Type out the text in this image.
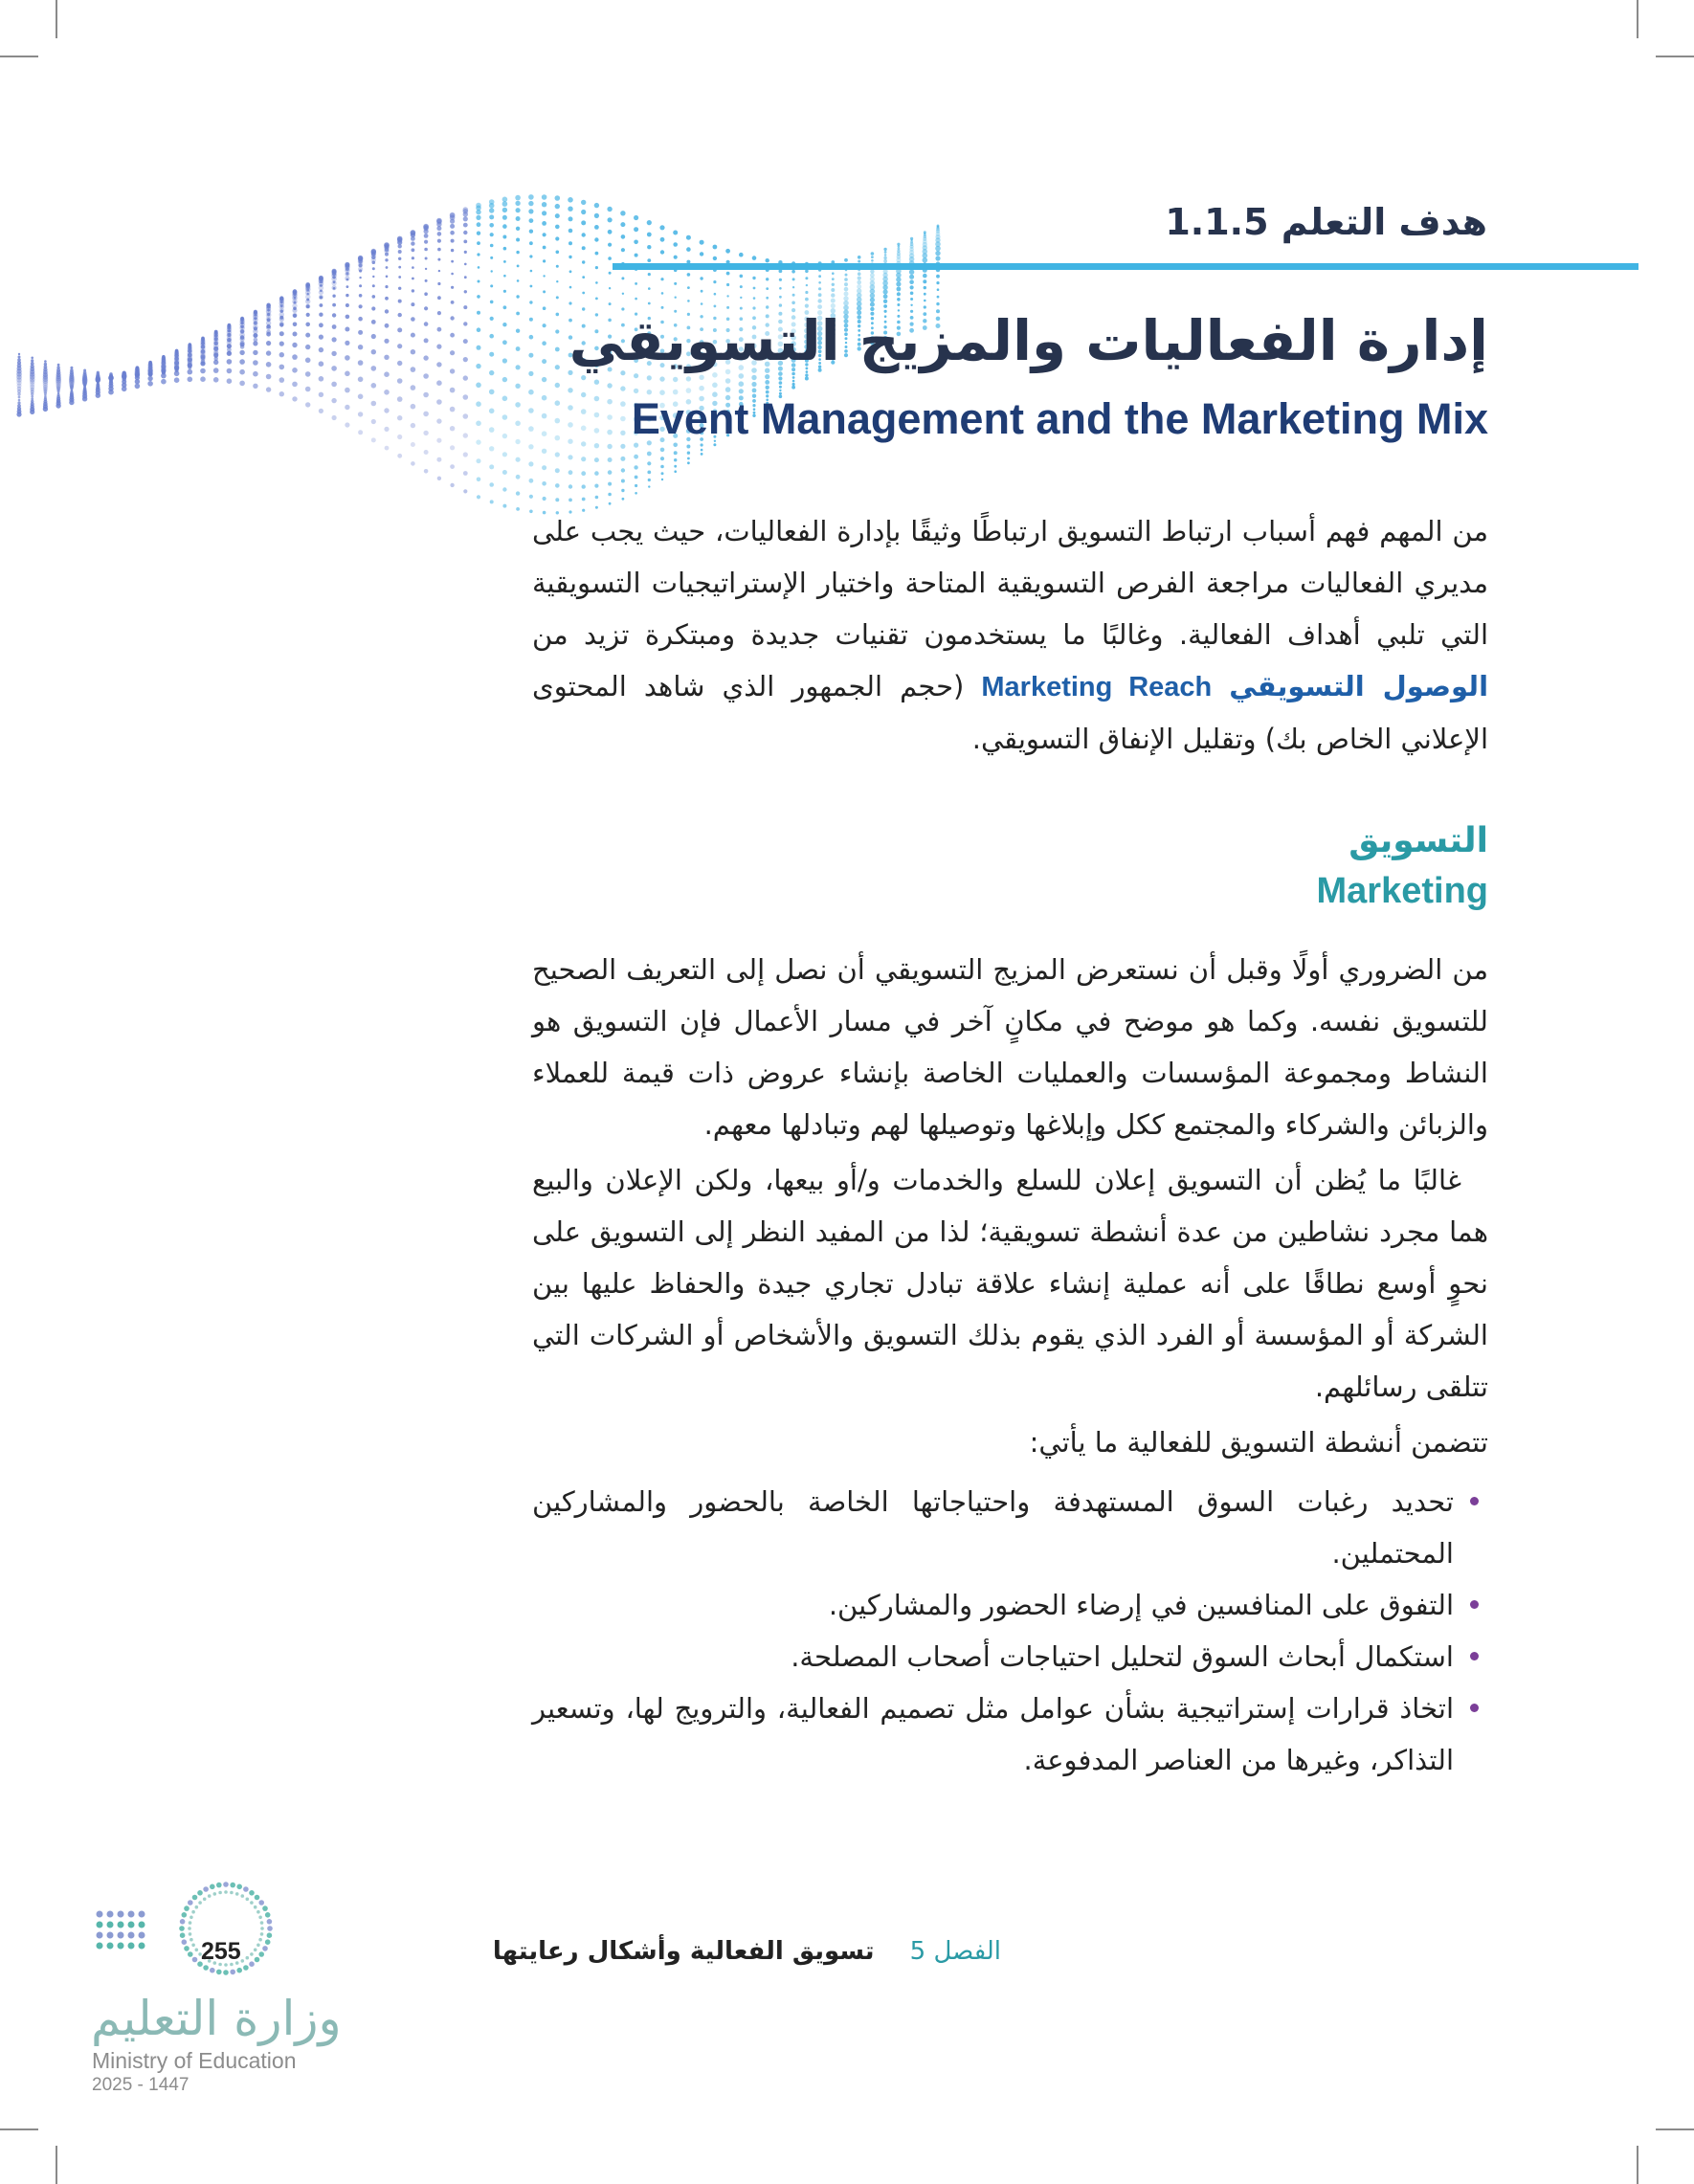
هدف التعلم 1.1.5
إدارة الفعاليات والمزيج التسويقي
Event Management and the Marketing Mix

من المهم فهم أسباب ارتباط التسويق ارتباطًا وثيقًا بإدارة الفعاليات، حيث يجب على مديري الفعاليات مراجعة الفرص التسويقية المتاحة واختيار الإستراتيجيات التسويقية التي تلبي أهداف الفعالية. وغالبًا ما يستخدمون تقنيات جديدة ومبتكرة تزيد من الوصول التسويقي Marketing Reach (حجم الجمهور الذي شاهد المحتوى الإعلاني الخاص بك) وتقليل الإنفاق التسويقي.

التسويق
Marketing

من الضروري أولًا وقبل أن نستعرض المزيج التسويقي أن نصل إلى التعريف الصحيح للتسويق نفسه. وكما هو موضح في مكانٍ آخر في مسار الأعمال فإن التسويق هو النشاط ومجموعة المؤسسات والعمليات الخاصة بإنشاء عروض ذات قيمة للعملاء والزبائن والشركاء والمجتمع ككل وإبلاغها وتوصيلها لهم وتبادلها معهم.

غالبًا ما يُظن أن التسويق إعلان للسلع والخدمات و/أو بيعها، ولكن الإعلان والبيع هما مجرد نشاطين من عدة أنشطة تسويقية؛ لذا من المفيد النظر إلى التسويق على نحوٍ أوسع نطاقًا على أنه عملية إنشاء علاقة تبادل تجاري جيدة والحفاظ عليها بين الشركة أو المؤسسة أو الفرد الذي يقوم بذلك التسويق والأشخاص أو الشركات التي تتلقى رسائلهم.

تتضمن أنشطة التسويق للفعالية ما يأتي:
تحديد رغبات السوق المستهدفة واحتياجاتها الخاصة بالحضور والمشاركين المحتملين.
التفوق على المنافسين في إرضاء الحضور والمشاركين.
استكمال أبحاث السوق لتحليل احتياجات أصحاب المصلحة.
اتخاذ قرارات إستراتيجية بشأن عوامل مثل تصميم الفعالية، والترويج لها، وتسعير التذاكر، وغيرها من العناصر المدفوعة.
الفصل 5 تسويق الفعالية وأشكال رعايتها
255
وزارة التعليم
Ministry of Education
2025 - 1447
